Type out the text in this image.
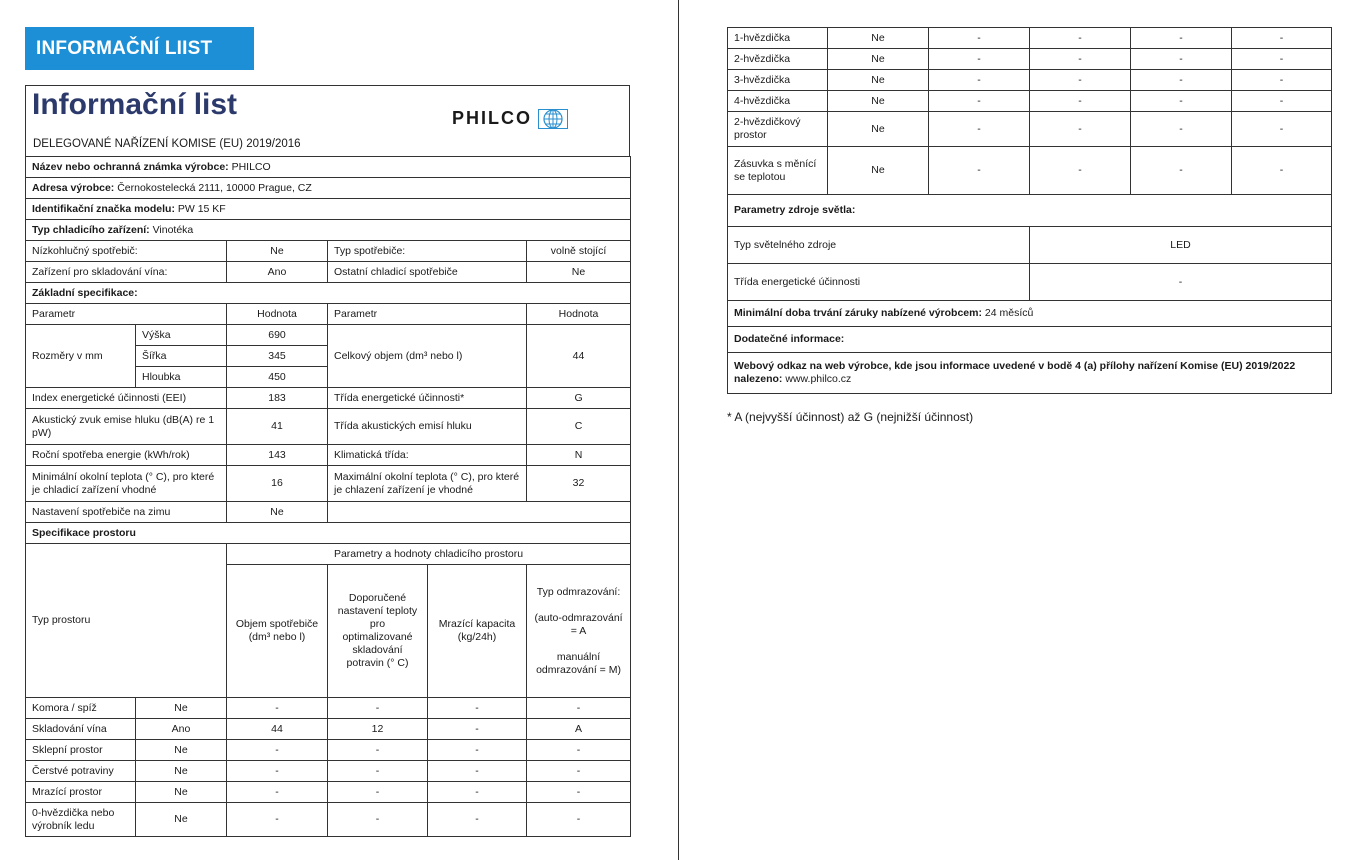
INFORMAČNÍ LIIST
Informační list
DELEGOVANÉ NAŘÍZENÍ KOMISE (EU) 2019/2016
PHILCO
Název nebo ochranná známka výrobce: PHILCO					
Adresa výrobce: Černokostelecká 2111, 10000 Prague, CZ					
Identifikační značka modelu: PW 15 KF					
Typ chladicího zařízení: Vinotéka					
Nízkohlučný spotřebič:		Ne	Typ spotřebiče:		volně stojící
Zařízení pro skladování vína:		Ano	Ostatní chladicí spotřebiče		Ne
Základní specifikace:					
Parametr		Hodnota	Parametr		Hodnota
Rozměry v mm	Výška	690	Celkový objem (dm³ nebo l)		44
	Šířka	345			
	Hloubka	450			
Index energetické účinnosti (EEI)		183	Třída energetické účinnosti*		G
Akustický zvuk emise hluku (dB(A) re 1 pW)		41	Třída akustických emisí hluku		C
Roční spotřeba energie (kWh/rok)		143	Klimatická třída:		N
Minimální okolní teplota (° C), pro které je chladicí zařízení vhodné		16	Maximální okolní teplota (° C), pro které je chlazení zařízení je vhodné		32
Nastavení spotřebiče na zimu		Ne			
Specifikace prostoru					
Typ prostoru		Parametry a hodnoty chladicího prostoru			
		Objem spotřebiče (dm³ nebo l)	Doporučené nastavení teploty pro optimalizované skladování potravin (° C)	Mrazící kapacita (kg/24h)	Typ odmrazování:

(auto-odmrazování = A

manuální odmrazování = M)
Komora / spíž	Ne	-	-	-	-
Skladování vína	Ano	44	12	-	A
Sklepní prostor	Ne	-	-	-	-
Čerstvé potraviny	Ne	-	-	-	-
Mrazící prostor	Ne	-	-	-	-
0-hvězdička nebo výrobník ledu	Ne	-	-	-	-
1-hvězdička	Ne	-	-	-	-
2-hvězdička	Ne	-	-	-	-
3-hvězdička	Ne	-	-	-	-
4-hvězdička	Ne	-	-	-	-
2-hvězdičkový prostor	Ne	-	-	-	-
Zásuvka s měnící se teplotou	Ne	-	-	-	-
Parametry zdroje světla:					
Typ světelného zdroje			LED		
Třída energetické účinnosti			-		
Minimální doba trvání záruky nabízené výrobcem: 24 měsíců					
Dodatečné informace:					
Webový odkaz na web výrobce, kde jsou informace uvedené v bodě 4 (a) přílohy nařízení Komise (EU) 2019/2022 nalezeno: www.philco.cz					
* A (nejvyšší účinnost) až G (nejnižší účinnost)
